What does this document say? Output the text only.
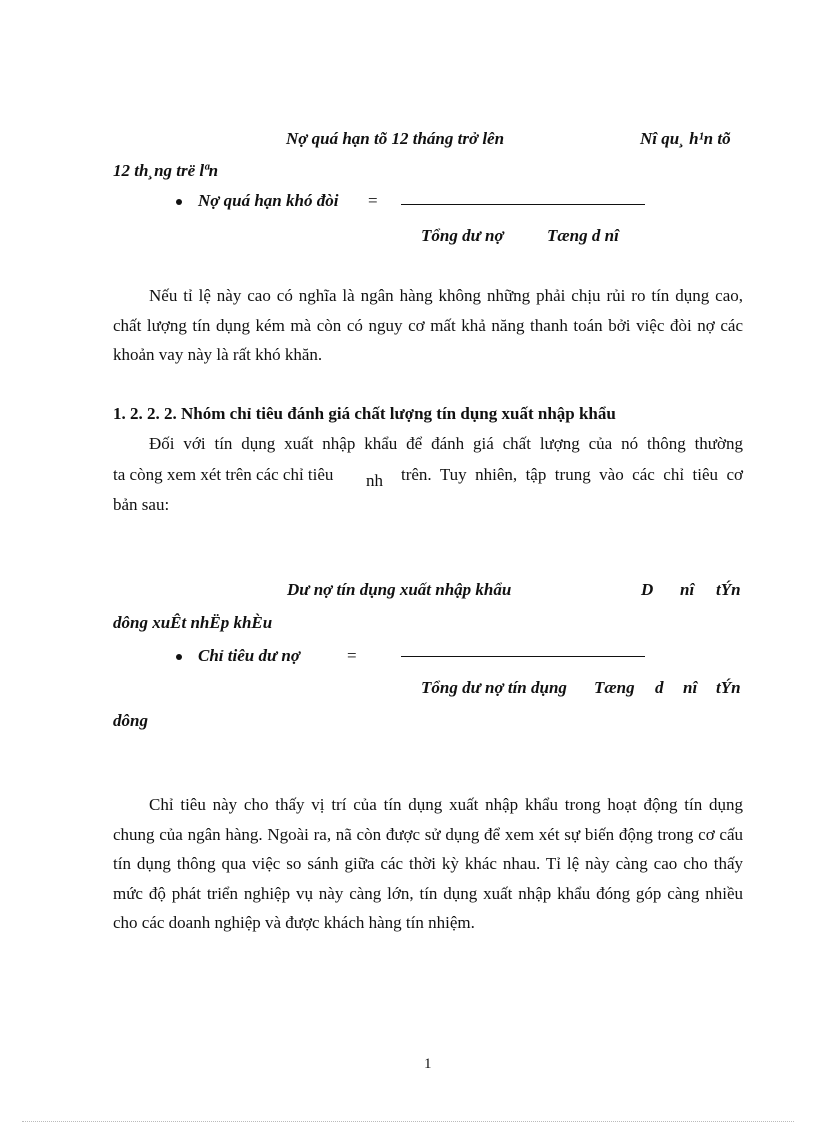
Nợ quá hạn tõ 12 tháng trở lên	Nî qu¸ h¹n tõ
12 th¸ng trë lªn
Nợ quá hạn khó đòi =
Tổng dư nợ	Tæng d nî
Nếu tỉ lệ này cao có nghĩa là ngân hàng không những phải chịu rủi ro tín dụng cao, chất lượng tín dụng kém mà còn có nguy cơ mất khả năng thanh toán bởi việc đòi nợ các khoản vay này là rất khó khăn.
1. 2. 2. 2. Nhóm chỉ tiêu đánh giá chất lượng tín dụng xuất nhập khẩu
Đối với tín dụng xuất nhập khẩu để đánh giá chất lượng của nó thông thường
ta còng xem xét trên các chỉ tiêu nh trên. Tuy nhiên, tập trung vào các chỉ tiêu cơ
bản sau:
Dư nợ tín dụng xuất nhập khẩu	D nî tÝn
dông xuÊt nhËp khÈu
Chỉ tiêu dư nợ	=
Tổng dư nợ tín dụng Tæng d nî tÝn
dông
Chỉ tiêu này cho thấy vị trí của tín dụng xuất nhập khẩu trong hoạt động tín dụng chung của ngân hàng. Ngoài ra, nã còn được sử dụng để xem xét sự biến động trong cơ cấu tín dụng thông qua việc so sánh giữa các thời kỳ khác nhau. Tỉ lệ này càng cao cho thấy mức độ phát triển nghiệp vụ này càng lớn, tín dụng xuất nhập khẩu đóng góp càng nhiều cho các doanh nghiệp và được khách hàng tín nhiệm.
1
